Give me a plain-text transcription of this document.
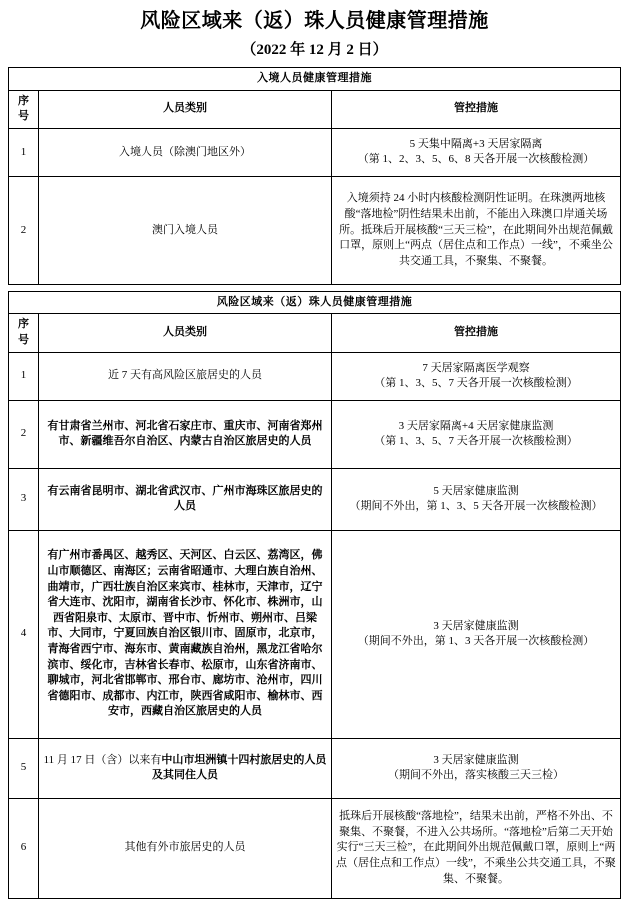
风险区域来（返）珠人员健康管理措施
（2022 年 12 月 2 日）
入境人员健康管理措施		
序号	人员类别	管控措施
1	入境人员（除澳门地区外）	5 天集中隔离+3 天居家隔离
（第 1、2、3、5、6、8 天各开展一次核酸检测）

2	澳门入境人员	入境须持 24 小时内核酸检测阴性证明。在珠澳两地核酸“落地检”阴性结果未出前，不能出入珠澳口岸通关场所。抵珠后开展核酸“三天三检”，在此期间外出规范佩戴口罩，原则上“两点（居住点和工作点）一线”，不乘坐公共交通工具，不聚集、不聚餐。
风险区域来（返）珠人员健康管理措施		
序号	人员类别	管控措施
1	近 7 天有高风险区旅居史的人员	7 天居家隔离医学观察
（第 1、3、5、7 天各开展一次核酸检测）

2	有甘肃省兰州市、河北省石家庄市、重庆市、河南省郑州市、新疆维吾尔自治区、内蒙古自治区旅居史的人员	3 天居家隔离+4 天居家健康监测
（第 1、3、5、7 天各开展一次核酸检测）

3	有云南省昆明市、湖北省武汉市、广州市海珠区旅居史的人员	5 天居家健康监测
（期间不外出，第 1、3、5 天各开展一次核酸检测）

4	有广州市番禺区、越秀区、天河区、白云区、荔湾区，佛山市顺德区、南海区；云南省昭通市、大理白族自治州、曲靖市，广西壮族自治区来宾市、桂林市，天津市，辽宁省大连市、沈阳市，湖南省长沙市、怀化市、株洲市，山西省阳泉市、太原市、晋中市、忻州市、朔州市、吕梁市、大同市，宁夏回族自治区银川市、固原市，北京市，青海省西宁市、海东市、黄南藏族自治州，黑龙江省哈尔滨市、绥化市，吉林省长春市、松原市，山东省济南市、聊城市，河北省邯郸市、邢台市、廊坊市、沧州市，四川省德阳市、成都市、内江市，陕西省咸阳市、榆林市、西安市，西藏自治区旅居史的人员	3 天居家健康监测
（期间不外出，第 1、3 天各开展一次核酸检测）

5	11 月 17 日（含）以来有中山市坦洲镇十四村旅居史的人员及其同住人员	3 天居家健康监测
（期间不外出，落实核酸三天三检）

6	其他有外市旅居史的人员	抵珠后开展核酸“落地检”，结果未出前，严格不外出、不聚集、不聚餐，不进入公共场所。“落地检”后第二天开始实行“三天三检”，在此期间外出规范佩戴口罩，原则上“两点（居住点和工作点）一线”，不乘坐公共交通工具，不聚集、不聚餐。
